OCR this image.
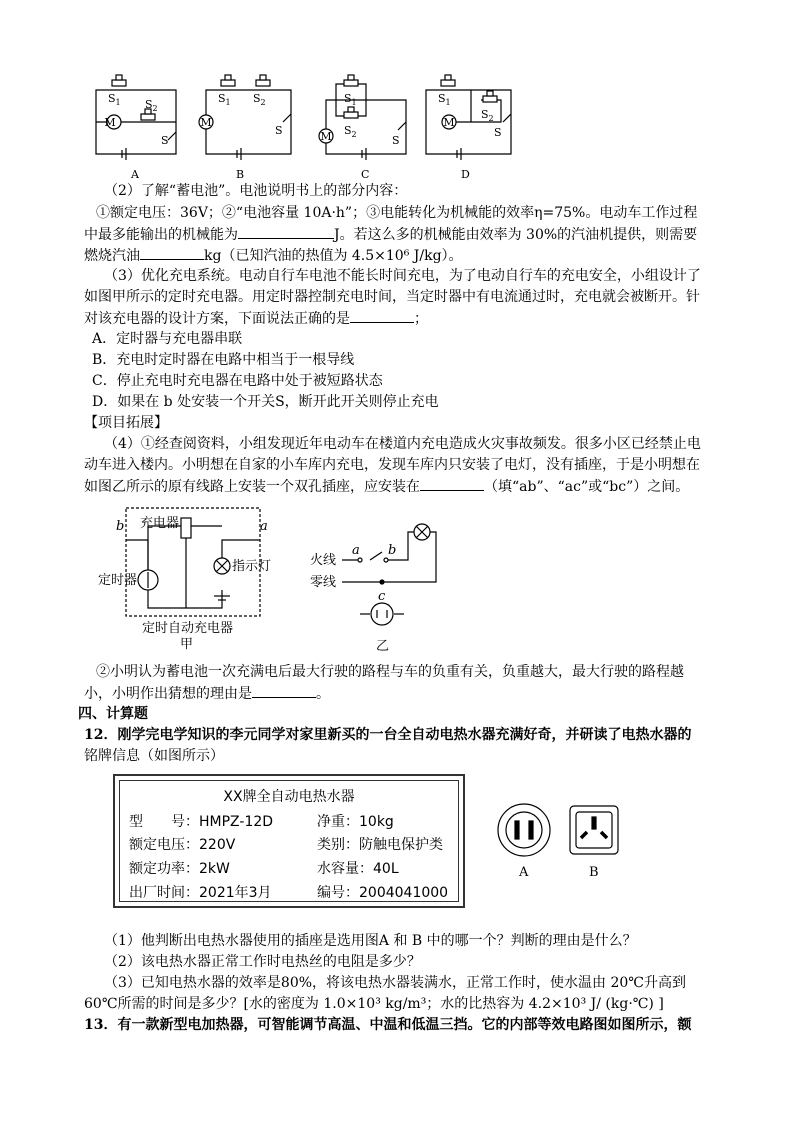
$S_1$
M
$S_2$
S
A
$S_1$ $S_2$
M
S
B
$S_1$
$S_2$
M	S
C
$S_1$
$S_2$
M
S
D
（2）了解“蓄电池”。电池说明书上的部分内容：
①额定电压：36V；②“电池容量 10A·h”；③电能转化为机械能的效率η=75%。电动车工作过程
中最多能输出的机械能为	J。若这么多的机械能由效率为 30%的汽油机提供，则需要
燃烧汽油	kg（已知汽油的热值为 4.5×10⁶ J/kg）。
（3）优化充电系统。电动自行车电池不能长时间充电，为了电动自行车的充电安全，小组设计了
如图甲所示的定时充电器。用定时器控制充电时间，当定时器中有电流通过时，充电就会被断开。针
对该充电器的设计方案，下面说法正确的是	；
A．定时器与充电器串联
B．充电时定时器在电路中相当于一根导线
C．停止充电时充电器在电路中处于被短路状态
D．如果在 b 处安装一个开关S，断开此开关则停止充电
【项目拓展】
（4）①经查阅资料，小组发现近年电动车在楼道内充电造成火灾事故频发。很多小区已经禁止电
动车进入楼内。小明想在自家的小车库内充电，发现车库内只安装了电灯，没有插座，于是小明想在
如图乙所示的原有线路上安装一个双孔插座，应安装在	（填“ab”、“ac”或“bc”）之间。
b	a
充电器
定时器
指示灯
定时自动充电器
甲
火线
零线
a b
c
乙
②小明认为蓄电池一次充满电后最大行驶的路程与车的负重有关，负重越大，最大行驶的路程越
小，小明作出猜想的理由是	。
四、计算题
12．刚学完电学知识的李元同学对家里新买的一台全自动电热水器充满好奇，并研读了电热水器的
铭牌信息（如图所示）
XX牌全自动电热水器
型　　号：HMPZ-12D	净重：10kg
额定电压：220V	类别：防触电保护类
额定功率：2kW	水容量：40L
出厂时间：2021年3月	编号：2004041000
A	B
（1）他判断出电热水器使用的插座是选用图A 和 B 中的哪一个？判断的理由是什么？
（2）该电热水器正常工作时电热丝的电阻是多少？
（3）已知电热水器的效率是80%，将该电热水器装满水，正常工作时，使水温由 20℃升高到
60℃所需的时间是多少？[水的密度为 1.0×10³ kg/m³；水的比热容为 4.2×10³ J/ (kg·℃) ]
13．有一款新型电加热器，可智能调节高温、中温和低温三挡。它的内部等效电路图如图所示，额
